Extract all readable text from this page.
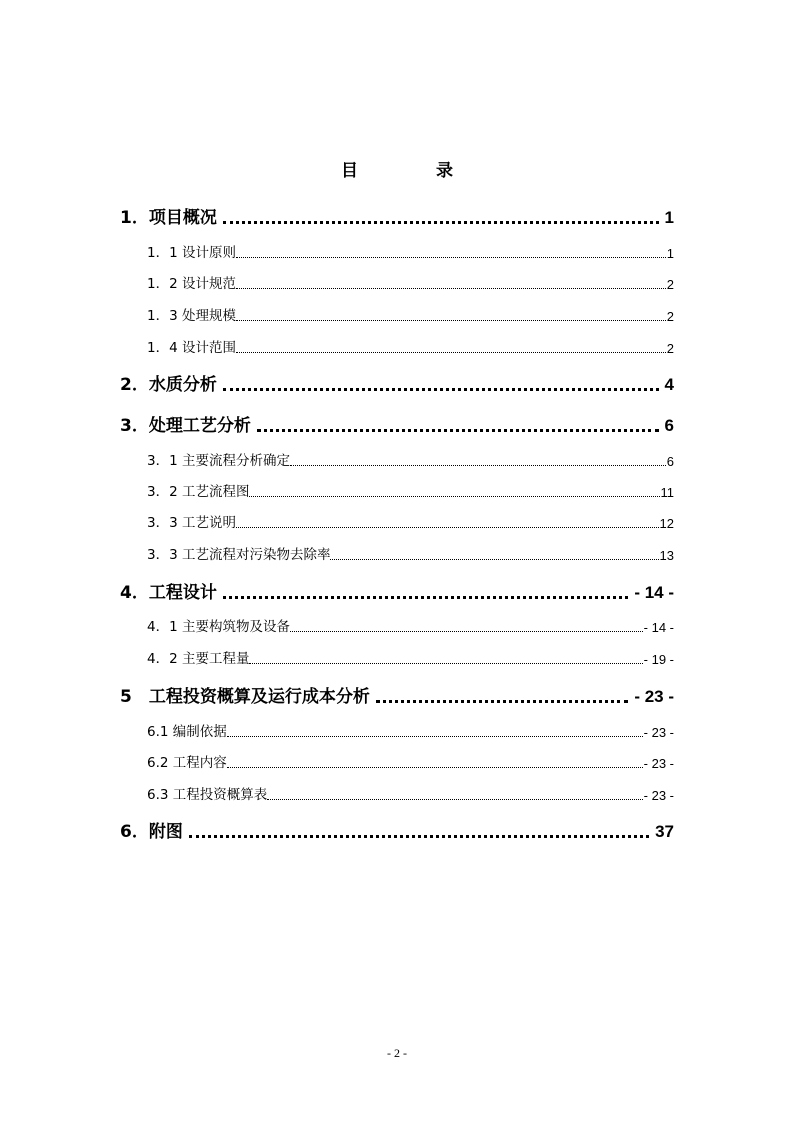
目 录
1．项目概况	1
1．1 设计原则	1
1．2 设计规范	2
1．3 处理规模	2
1．4 设计范围	2
2．水质分析	4
3．处理工艺分析	6
3．1 主要流程分析确定	6
3．2 工艺流程图	11
3．3 工艺说明	12
3．3 工艺流程对污染物去除率	13
4．工程设计	- 14 -
4．1 主要构筑物及设备	- 14 -
4．2 主要工程量	- 19 -
5　工程投资概算及运行成本分析	- 23 -
6.1 编制依据	- 23 -
6.2 工程内容	- 23 -
6.3 工程投资概算表	- 23 -
6．附图	37
- 2 -
